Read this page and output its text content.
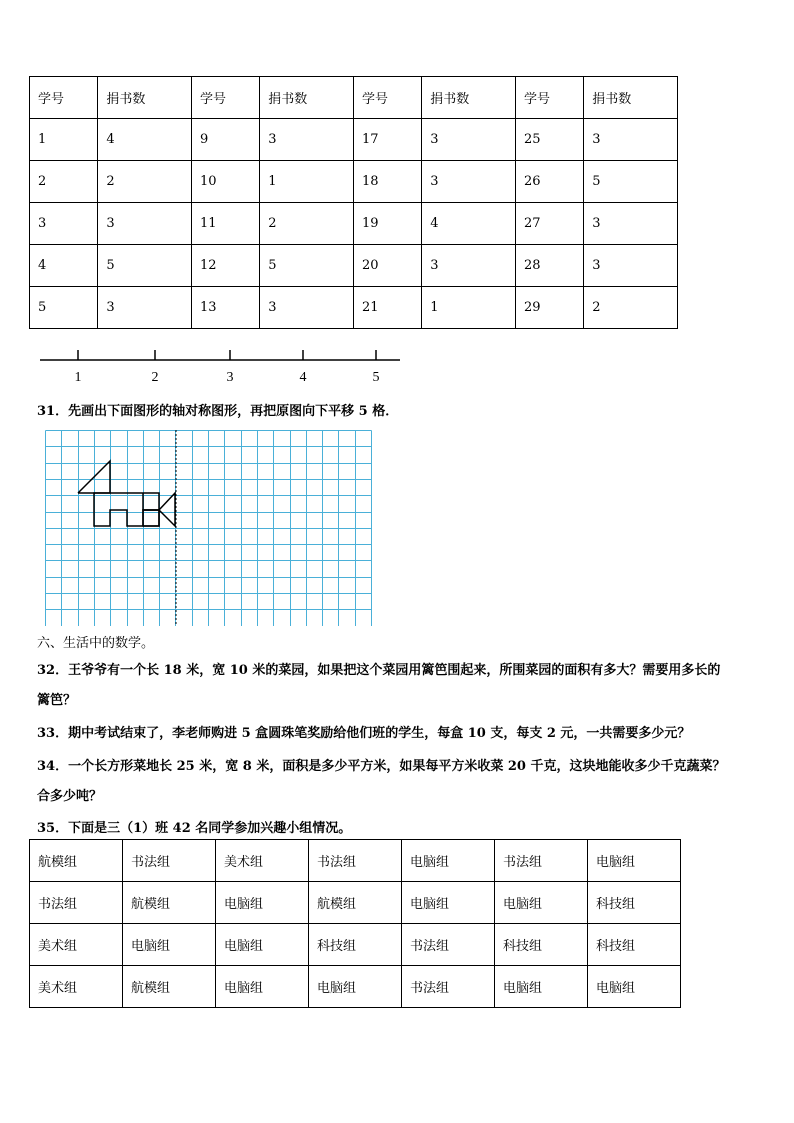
学号	捐书数	学号	捐书数	学号	捐书数	学号	捐书数
1	4	9	3	17	3	25	3
2	2	10	1	18	3	26	5
3	3	11	2	19	4	27	3
4	5	12	5	20	3	28	3
5	3	13	3	21	1	29	2
1	2	3	4	5
31．先画出下面图形的轴对称图形，再把原图向下平移 5 格．
六、生活中的数学。
32．王爷爷有一个长 18 米，宽 10 米的菜园，如果把这个菜园用篱笆围起来，所围菜园的面积有多大？需要用多长的
篱笆？
33．期中考试结束了，李老师购进 5 盒圆珠笔奖励给他们班的学生，每盒 10 支，每支 2 元，一共需要多少元？
34．一个长方形菜地长 25 米，宽 8 米，面积是多少平方米，如果每平方米收菜 20 千克，这块地能收多少千克蔬菜？
合多少吨？
35．下面是三（1）班 42 名同学参加兴趣小组情况。
航模组	书法组	美术组	书法组	电脑组	书法组	电脑组
书法组	航模组	电脑组	航模组	电脑组	电脑组	科技组
美术组	电脑组	电脑组	科技组	书法组	科技组	科技组
美术组	航模组	电脑组	电脑组	书法组	电脑组	电脑组
